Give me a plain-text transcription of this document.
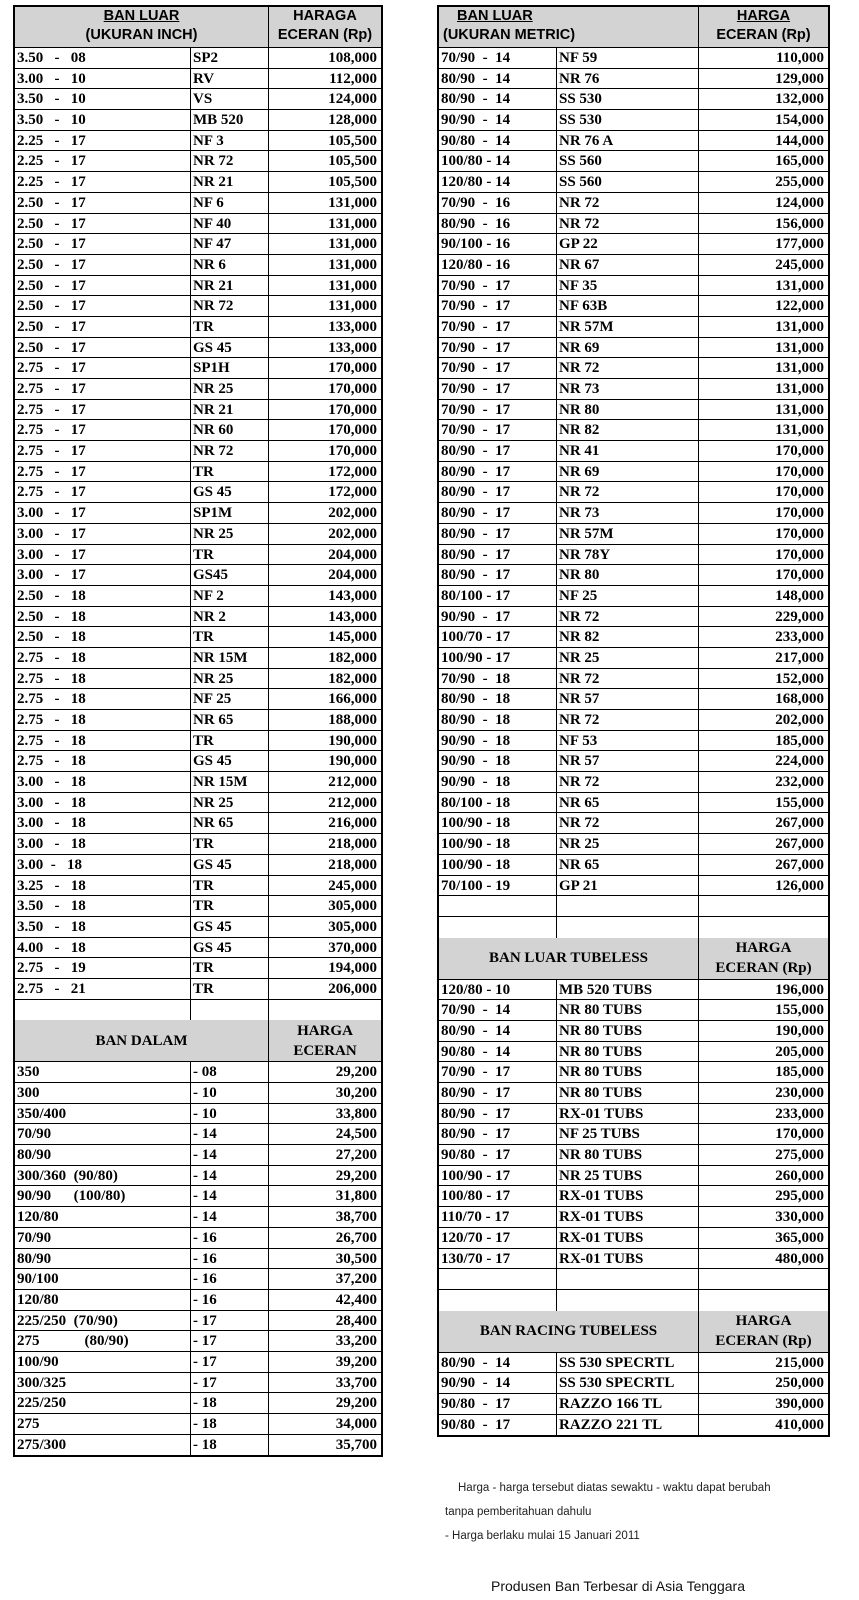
BAN LUAR
(UKURAN INCH)
HARAGA
ECERAN (Rp)
3.50   -   08	SP2	108,000
3.00   -   10	RV	112,000
3.50   -   10	VS	124,000
3.50   -   10	MB 520	128,000
2.25   -   17	NF 3	105,500
2.25   -   17	NR 72	105,500
2.25   -   17	NR 21	105,500
2.50   -   17	NF 6	131,000
2.50   -   17	NF 40	131,000
2.50   -   17	NF 47	131,000
2.50   -   17	NR 6	131,000
2.50   -   17	NR 21	131,000
2.50   -   17	NR 72	131,000
2.50   -   17	TR	133,000
2.50   -   17	GS 45	133,000
2.75   -   17	SP1H	170,000
2.75   -   17	NR 25	170,000
2.75   -   17	NR 21	170,000
2.75   -   17	NR 60	170,000
2.75   -   17	NR 72	170,000
2.75   -   17	TR	172,000
2.75   -   17	GS 45	172,000
3.00   -   17	SP1M	202,000
3.00   -   17	NR 25	202,000
3.00   -   17	TR	204,000
3.00   -   17	GS45	204,000
2.50   -   18	NF 2	143,000
2.50   -   18	NR 2	143,000
2.50   -   18	TR	145,000
2.75   -   18	NR 15M	182,000
2.75   -   18	NR 25	182,000
2.75   -   18	NF 25	166,000
2.75   -   18	NR 65	188,000
2.75   -   18	TR	190,000
2.75   -   18	GS 45	190,000
3.00   -   18	NR 15M	212,000
3.00   -   18	NR 25	212,000
3.00   -   18	NR 65	216,000
3.00   -   18	TR	218,000
3.00  -   18	GS 45	218,000
3.25   -   18	TR	245,000
3.50   -   18	TR	305,000
3.50   -   18	GS 45	305,000
4.00   -   18	GS 45	370,000
2.75   -   19	TR	194,000
2.75   -   21	TR	206,000
BAN DALAM
HARGA
ECERAN
350	- 08	29,200
300	- 10	30,200
350/400	- 10	33,800
70/90	- 14	24,500
80/90	- 14	27,200
300/360  (90/80)	- 14	29,200
90/90      (100/80)	- 14	31,800
120/80	- 14	38,700
70/90	- 16	26,700
80/90	- 16	30,500
90/100	- 16	37,200
120/80	- 16	42,400
225/250  (70/90)	- 17	28,400
275            (80/90)	- 17	33,200
100/90	- 17	39,200
300/325	- 17	33,700
225/250	- 18	29,200
275	- 18	34,000
275/300	- 18	35,700
BAN LUAR
(UKURAN METRIC)
HARGA
ECERAN (Rp)
70/90  -  14	NF 59	110,000
80/90  -  14	NR 76	129,000
80/90  -  14	SS 530	132,000
90/90  -  14	SS 530	154,000
90/80  -  14	NR 76 A	144,000
100/80 - 14	SS 560	165,000
120/80 - 14	SS 560	255,000
70/90  -  16	NR 72	124,000
80/90  -  16	NR 72	156,000
90/100 - 16	GP 22	177,000
120/80 - 16	NR 67	245,000
70/90  -  17	NF 35	131,000
70/90  -  17	NF 63B	122,000
70/90  -  17	NR 57M	131,000
70/90  -  17	NR 69	131,000
70/90  -  17	NR 72	131,000
70/90  -  17	NR 73	131,000
70/90  -  17	NR 80	131,000
70/90  -  17	NR 82	131,000
80/90  -  17	NR 41	170,000
80/90  -  17	NR 69	170,000
80/90  -  17	NR 72	170,000
80/90  -  17	NR 73	170,000
80/90  -  17	NR 57M	170,000
80/90  -  17	NR 78Y	170,000
80/90  -  17	NR 80	170,000
80/100 - 17	NF 25	148,000
90/90  -  17	NR 72	229,000
100/70 - 17	NR 82	233,000
100/90 - 17	NR 25	217,000
70/90  -  18	NR 72	152,000
80/90  -  18	NR 57	168,000
80/90  -  18	NR 72	202,000
90/90  -  18	NF 53	185,000
90/90  -  18	NR 57	224,000
90/90  -  18	NR 72	232,000
80/100 - 18	NR 65	155,000
100/90 - 18	NR 72	267,000
100/90 - 18	NR 25	267,000
100/90 - 18	NR 65	267,000
70/100 - 19	GP 21	126,000
BAN LUAR TUBELESS
HARGA
ECERAN (Rp)
120/80 - 10	MB 520 TUBS	196,000
70/90  -  14	NR 80 TUBS	155,000
80/90  -  14	NR 80 TUBS	190,000
90/80  -  14	NR 80 TUBS	205,000
70/90  -  17	NR 80 TUBS	185,000
80/90  -  17	NR 80 TUBS	230,000
80/90  -  17	RX-01 TUBS	233,000
80/90  -  17	NF 25 TUBS	170,000
90/80  -  17	NR 80 TUBS	275,000
100/90 - 17	NR 25 TUBS	260,000
100/80 - 17	RX-01 TUBS	295,000
110/70 - 17	RX-01 TUBS	330,000
120/70 - 17	RX-01 TUBS	365,000
130/70 - 17	RX-01 TUBS	480,000
BAN RACING TUBELESS
HARGA
ECERAN (Rp)
80/90  -  14	SS 530 SPECRTL	215,000
90/90  -  14	SS 530 SPECRTL	250,000
90/80  -  17	RAZZO 166 TL	390,000
90/80  -  17	RAZZO 221 TL	410,000
Harga - harga tersebut diatas sewaktu - waktu dapat berubah
tanpa pemberitahuan dahulu
- Harga berlaku mulai 15 Januari 2011
Produsen Ban Terbesar di Asia Tenggara
